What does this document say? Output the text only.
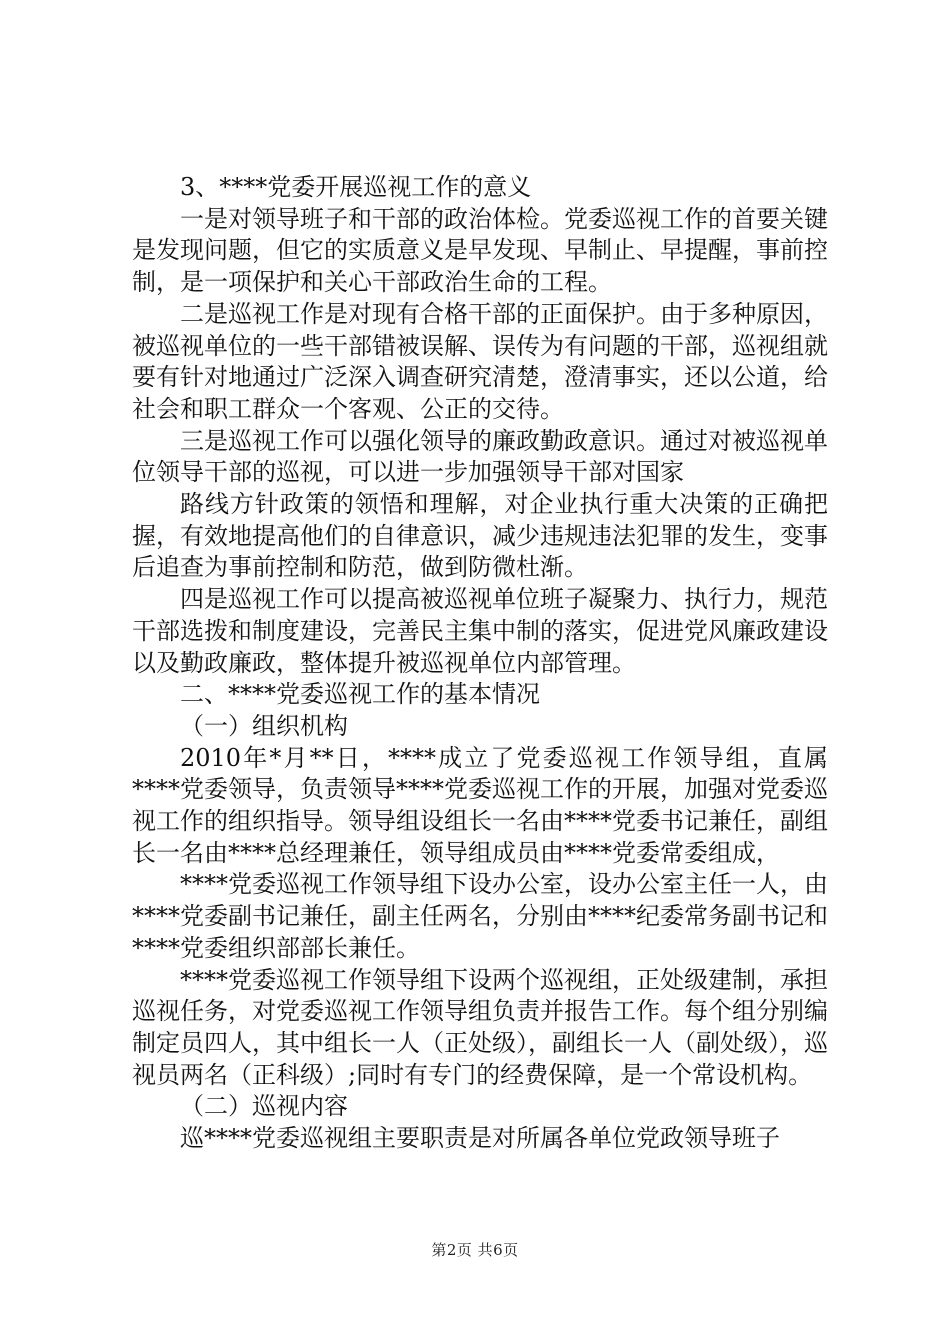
3、****党委开展巡视工作的意义

一是对领导班子和干部的政治体检。党委巡视工作的首要关键是发现问题，但它的实质意义是早发现、早制止、早提醒，事前控制，是一项保护和关心干部政治生命的工程。

二是巡视工作是对现有合格干部的正面保护。由于多种原因，被巡视单位的一些干部错被误解、误传为有问题的干部，巡视组就要有针对地通过广泛深入调查研究清楚，澄清事实，还以公道，给社会和职工群众一个客观、公正的交待。

三是巡视工作可以强化领导的廉政勤政意识。通过对被巡视单位领导干部的巡视，可以进一步加强领导干部对国家

路线方针政策的领悟和理解，对企业执行重大决策的正确把握，有效地提高他们的自律意识，减少违规违法犯罪的发生，变事后追查为事前控制和防范，做到防微杜渐。

四是巡视工作可以提高被巡视单位班子凝聚力、执行力，规范干部选拨和制度建设，完善民主集中制的落实，促进党风廉政建设以及勤政廉政，整体提升被巡视单位内部管理。

二、****党委巡视工作的基本情况

（一）组织机构

2010年*月**日，****成立了党委巡视工作领导组，直属****党委领导，负责领导****党委巡视工作的开展，加强对党委巡视工作的组织指导。领导组设组长一名由****党委书记兼任，副组长一名由****总经理兼任，领导组成员由****党委常委组成，

****党委巡视工作领导组下设办公室，设办公室主任一人，由****党委副书记兼任，副主任两名，分别由****纪委常务副书记和****党委组织部部长兼任。

****党委巡视工作领导组下设两个巡视组，正处级建制，承担巡视任务，对党委巡视工作领导组负责并报告工作。每个组分别编制定员四人，其中组长一人（正处级），副组长一人（副处级），巡视员两名（正科级）;同时有专门的经费保障，是一个常设机构。

（二）巡视内容

巡****党委巡视组主要职责是对所属各单位党政领导班子

第2页 共6页
